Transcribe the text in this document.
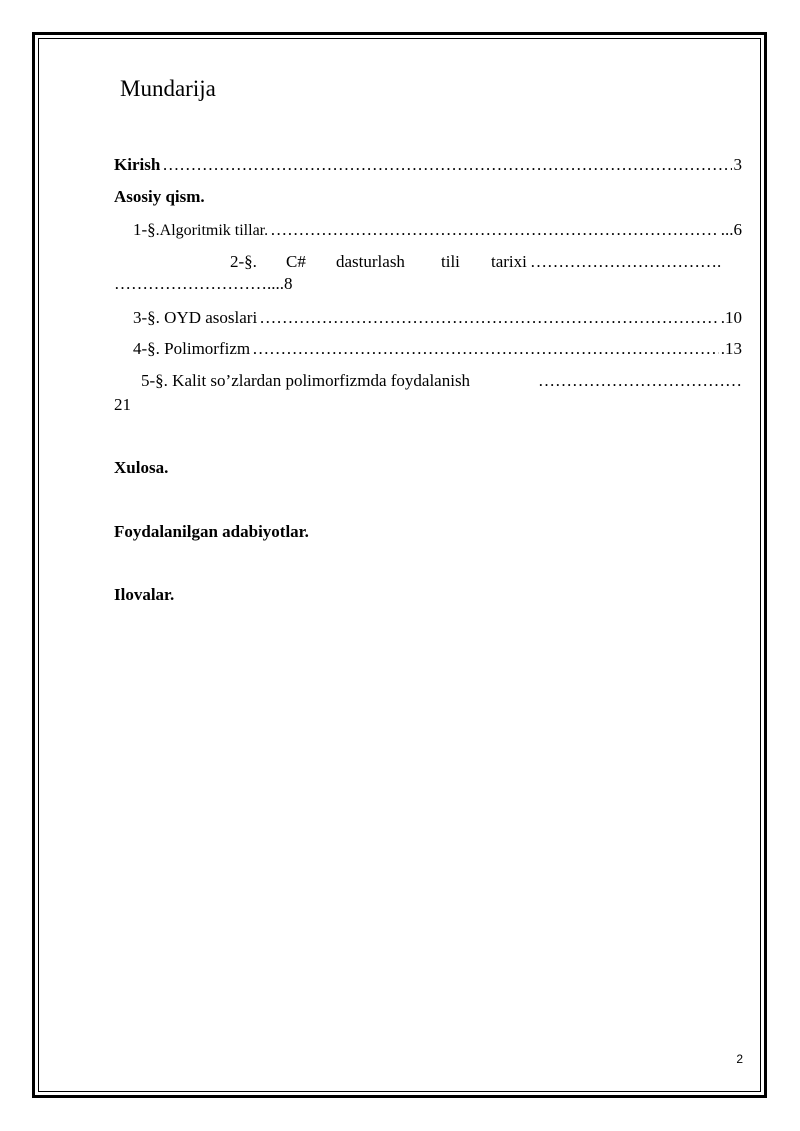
Mundarija
Kirish ………………………………………………………………………………………………………………………………………………………………	3
Asosiy qism.
1-§ .Algoritmik tillar. ………………………………………………………………………………………………………………………………………………………………	...6
2-§. C# dasturlash tili tarixi …………………………….
………………………....8
3-§ . OYD asoslari ………………………………………………………………………………………………………………………………………………………………	.10
4-§ . Polimorfizm ………………………………………………………………………………………………………………………………………………………………	.13
5-§. Kalit so’zlardan polimorfizmda foydalanish	………………………………
21
Xulosa.
Foydalanilgan adabiyotlar.
Ilovalar.
2
